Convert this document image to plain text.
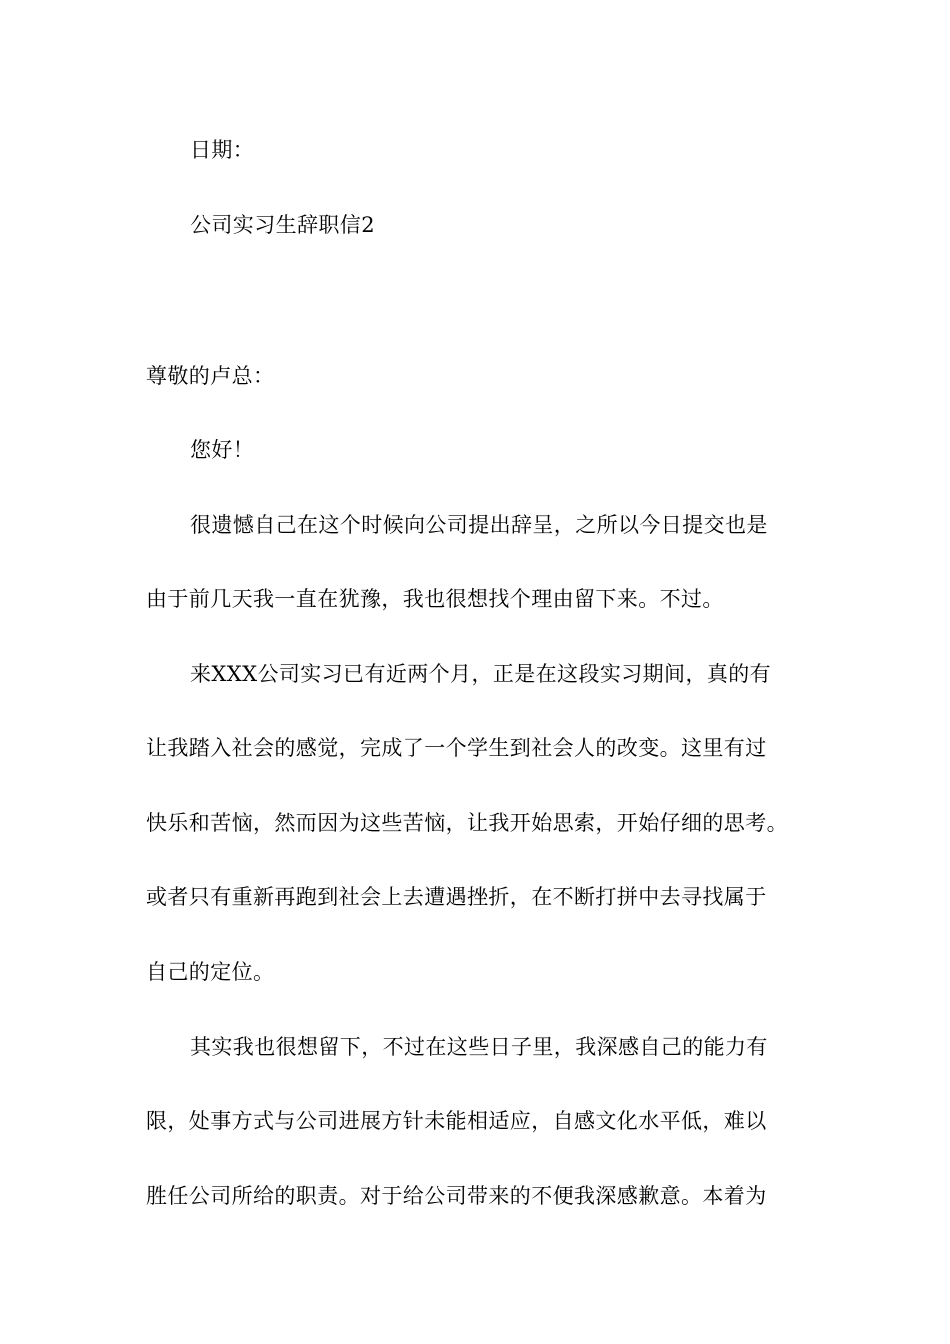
日期：
公司实习生辞职信2
尊敬的卢总：
您好！
很遗憾自己在这个时候向公司提出辞呈，之所以今日提交也是
由于前几天我一直在犹豫，我也很想找个理由留下来。不过。
来XXX公司实习已有近两个月，正是在这段实习期间，真的有
让我踏入社会的感觉，完成了一个学生到社会人的改变。这里有过
快乐和苦恼，然而因为这些苦恼，让我开始思索，开始仔细的思考。
或者只有重新再跑到社会上去遭遇挫折，在不断打拼中去寻找属于
自己的定位。
其实我也很想留下，不过在这些日子里，我深感自己的能力有
限，处事方式与公司进展方针未能相适应，自感文化水平低，难以
胜任公司所给的职责。对于给公司带来的不便我深感歉意。本着为
